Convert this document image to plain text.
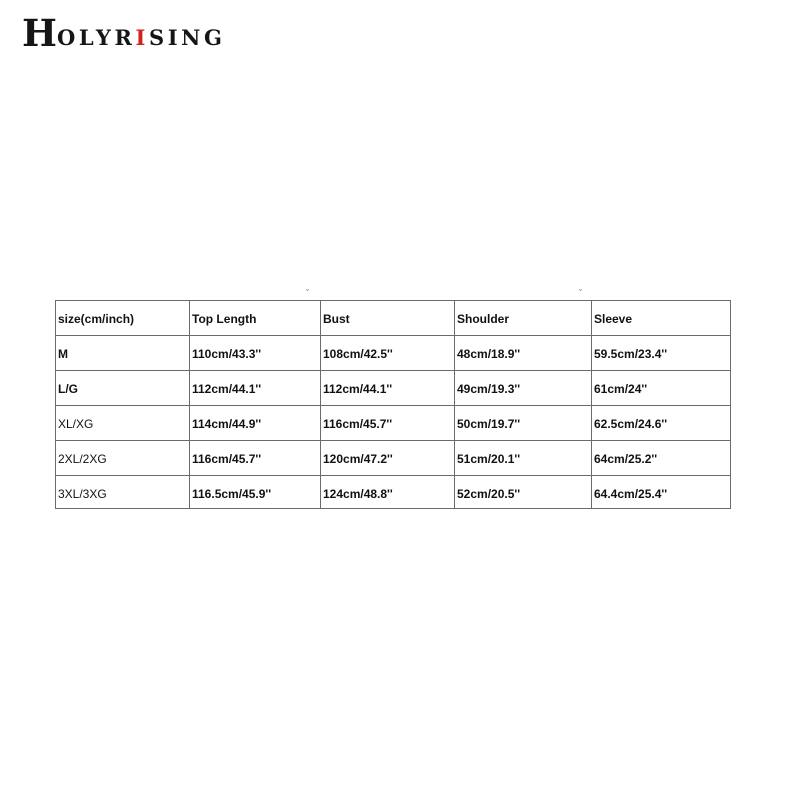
H OLYRISING
ˇ	ˇ
size(cm/inch)	Top Length	Bust	Shoulder	Sleeve
M	110cm/43.3''	108cm/42.5''	48cm/18.9''	59.5cm/23.4''
L/G	112cm/44.1''	112cm/44.1''	49cm/19.3''	61cm/24''
XL/XG	114cm/44.9''	116cm/45.7''	50cm/19.7''	62.5cm/24.6''
2XL/2XG	116cm/45.7''	120cm/47.2''	51cm/20.1''	64cm/25.2''
3XL/3XG	116.5cm/45.9''	124cm/48.8''	52cm/20.5''	64.4cm/25.4''
